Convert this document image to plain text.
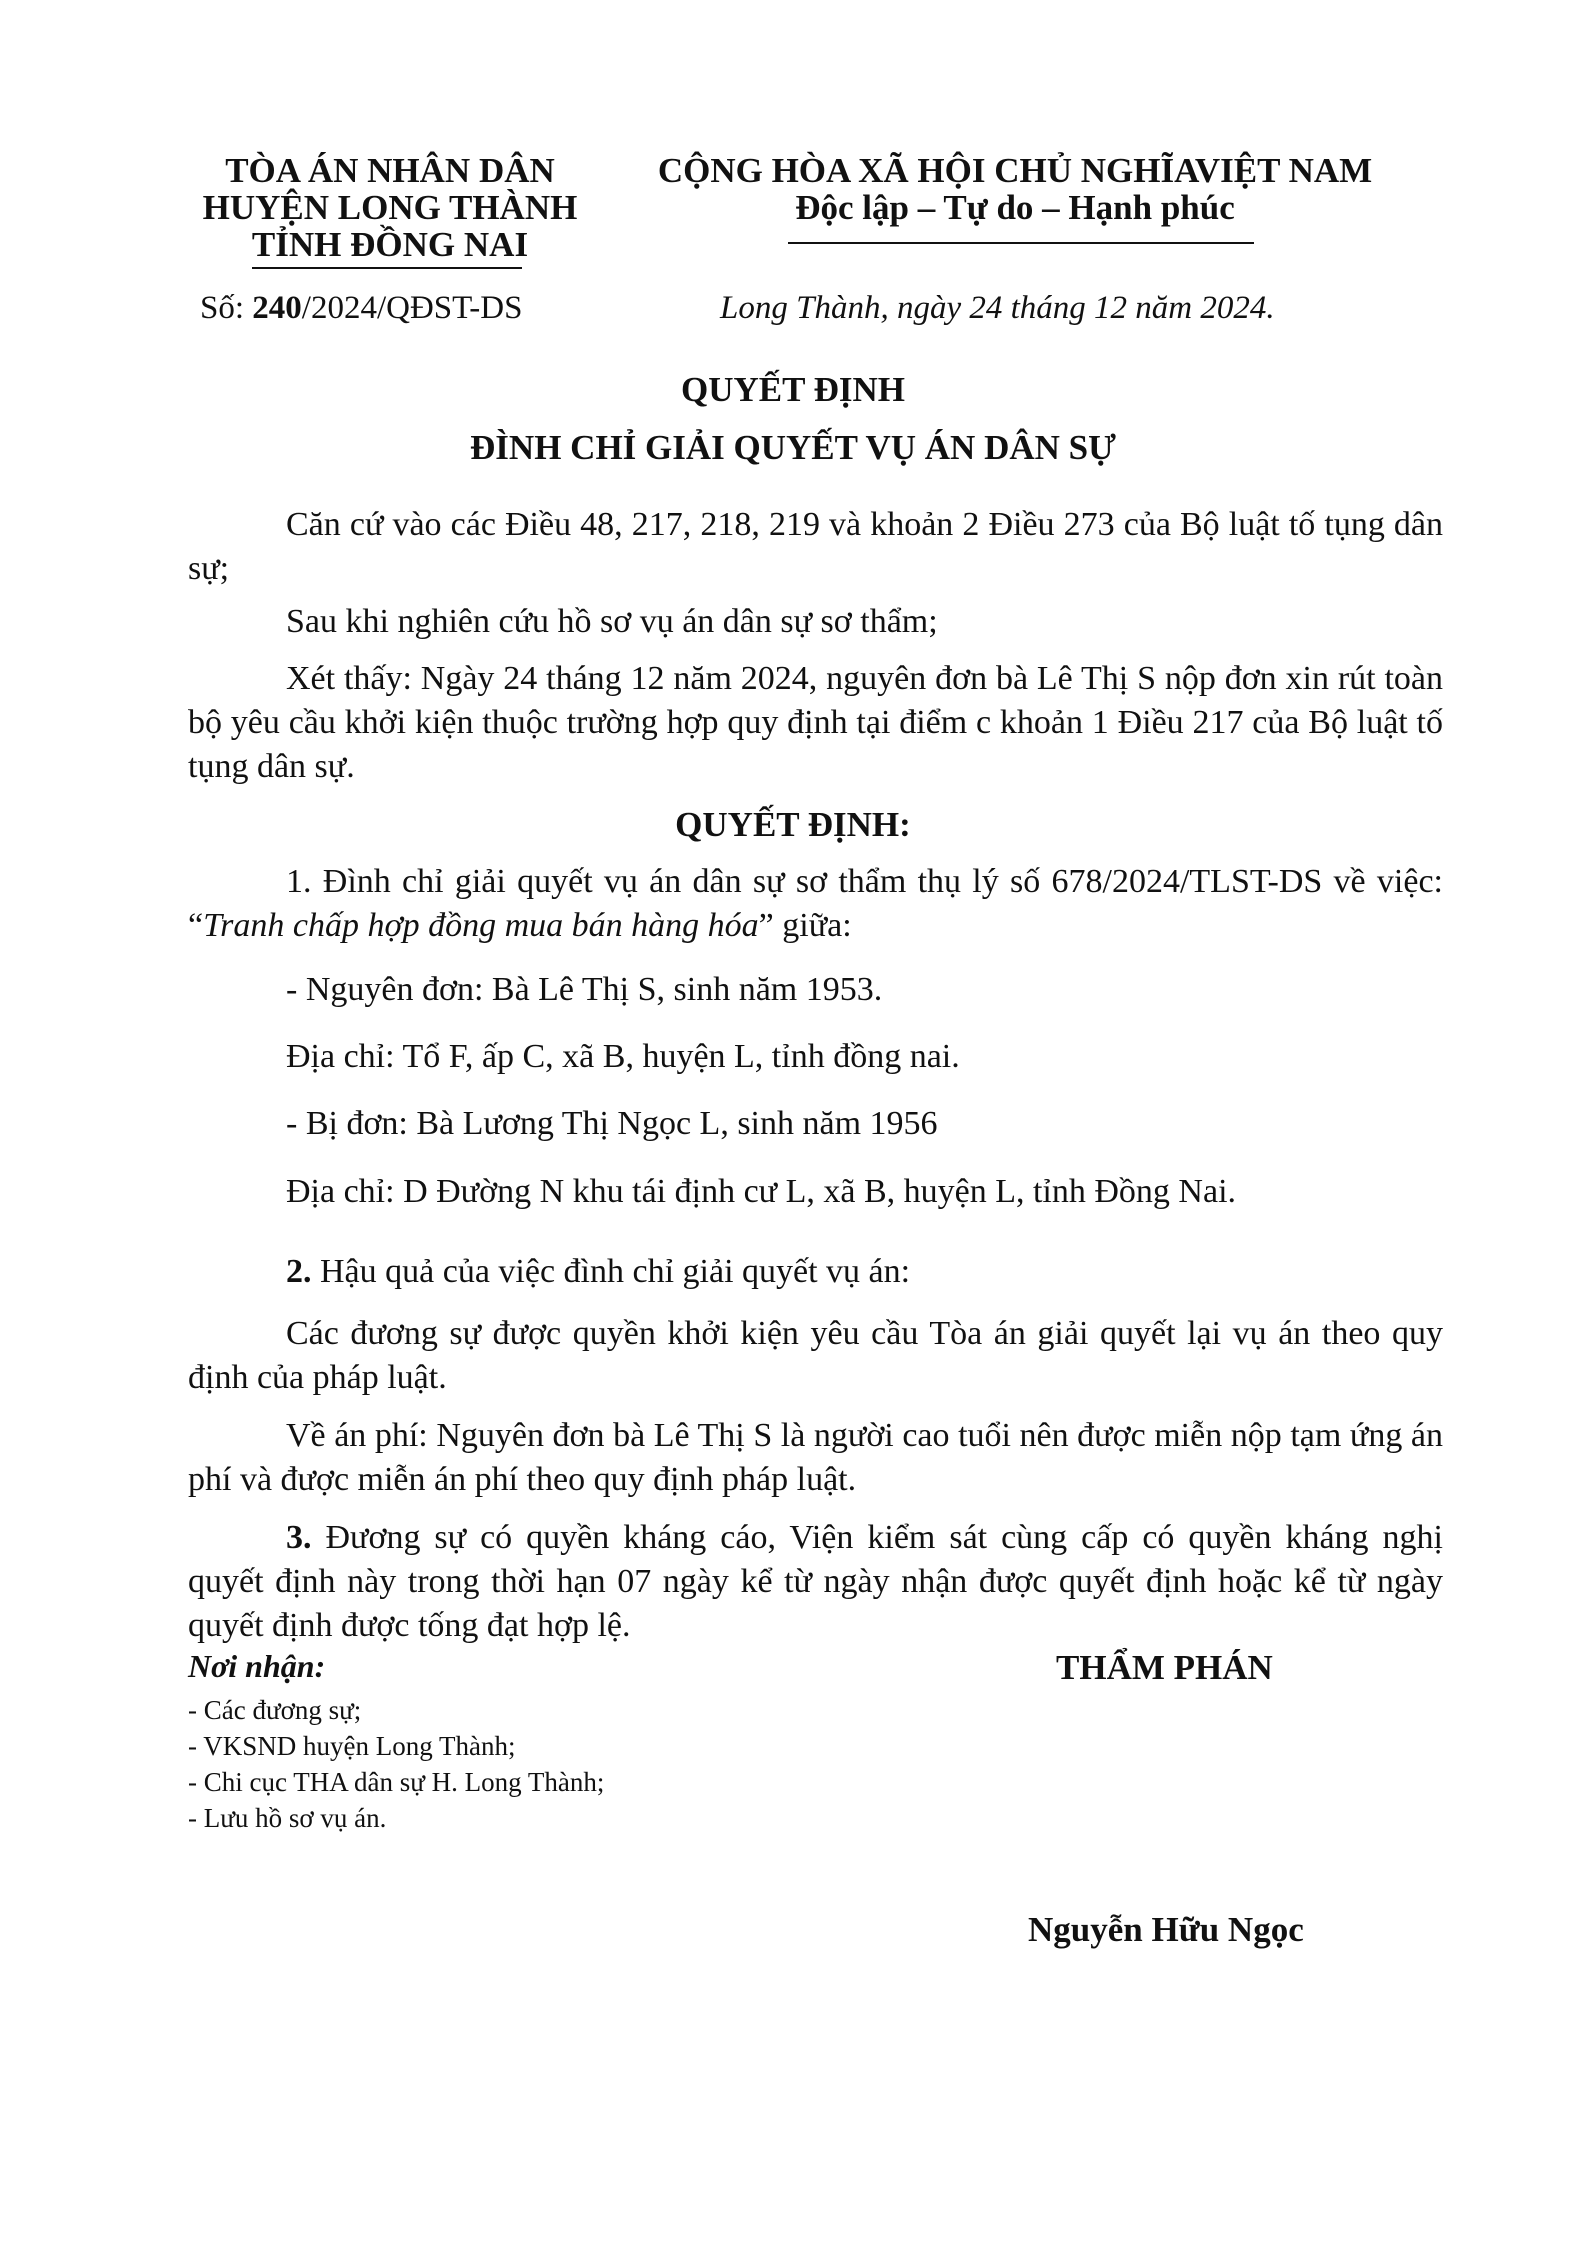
TÒA ÁN NHÂN DÂN
HUYỆN LONG THÀNH
TỈNH ĐỒNG NAI
CỘNG HÒA XÃ HỘI CHỦ NGHĨAVIỆT NAM
Độc lập – Tự do – Hạnh phúc
Số: 240/2024/QĐST-DS	Long Thành, ngày 24 tháng 12 năm 2024.
QUYẾT ĐỊNH
ĐÌNH CHỈ GIẢI QUYẾT VỤ ÁN DÂN SỰ
Căn cứ vào các Điều 48, 217, 218, 219 và khoản 2 Điều 273 của Bộ luật tố tụng dân sự;
Sau khi nghiên cứu hồ sơ vụ án dân sự sơ thẩm;
Xét thấy: Ngày 24 tháng 12 năm 2024, nguyên đơn bà Lê Thị S nộp đơn xin rút toàn bộ yêu cầu khởi kiện thuộc trường hợp quy định tại điểm c khoản 1 Điều 217 của Bộ luật tố tụng dân sự.
QUYẾT ĐỊNH:
1. Đình chỉ giải quyết vụ án dân sự sơ thẩm thụ lý số 678/2024/TLST-DS về việc: “Tranh chấp hợp đồng mua bán hàng hóa” giữa:
- Nguyên đơn: Bà Lê Thị S, sinh năm 1953.
Địa chỉ: Tổ F, ấp C, xã B, huyện L, tỉnh đồng nai.
- Bị đơn: Bà Lương Thị Ngọc L, sinh năm 1956
Địa chỉ: D Đường N khu tái định cư L, xã B, huyện L, tỉnh Đồng Nai.
2. Hậu quả của việc đình chỉ giải quyết vụ án:
Các đương sự được quyền khởi kiện yêu cầu Tòa án giải quyết lại vụ án theo quy định của pháp luật.
Về án phí: Nguyên đơn bà Lê Thị S là người cao tuổi nên được miễn nộp tạm ứng án phí và được miễn án phí theo quy định pháp luật.
3. Đương sự có quyền kháng cáo, Viện kiểm sát cùng cấp có quyền kháng nghị quyết định này trong thời hạn 07 ngày kể từ ngày nhận được quyết định hoặc kể từ ngày quyết định được tống đạt hợp lệ.
Nơi nhận:
- Các đương sự;
- VKSND huyện Long Thành;
- Chi cục THA dân sự H. Long Thành;
- Lưu hồ sơ vụ án.
THẨM PHÁN
Nguyễn Hữu Ngọc
